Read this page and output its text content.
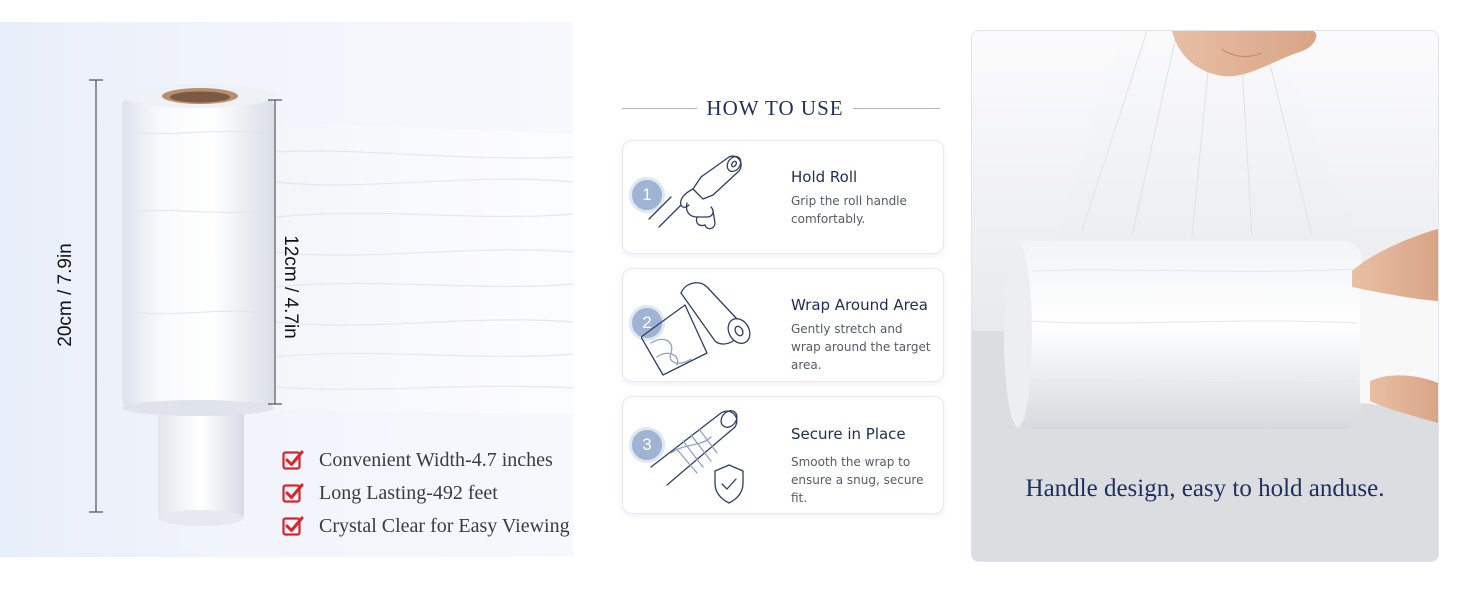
20cm / 7.9in	12cm / 4.7in
Convenient Width-4.7 inches
Long Lasting-492 feet
Crystal Clear for Easy Viewing
HOW TO USE
1
Hold Roll
Grip the roll handle comfortably.
2
Wrap Around Area
Gently stretch and wrap around the target area.
3
Secure in Place
Smooth the wrap to ensure a snug, secure fit.	Handle design, easy to hold anduse.
